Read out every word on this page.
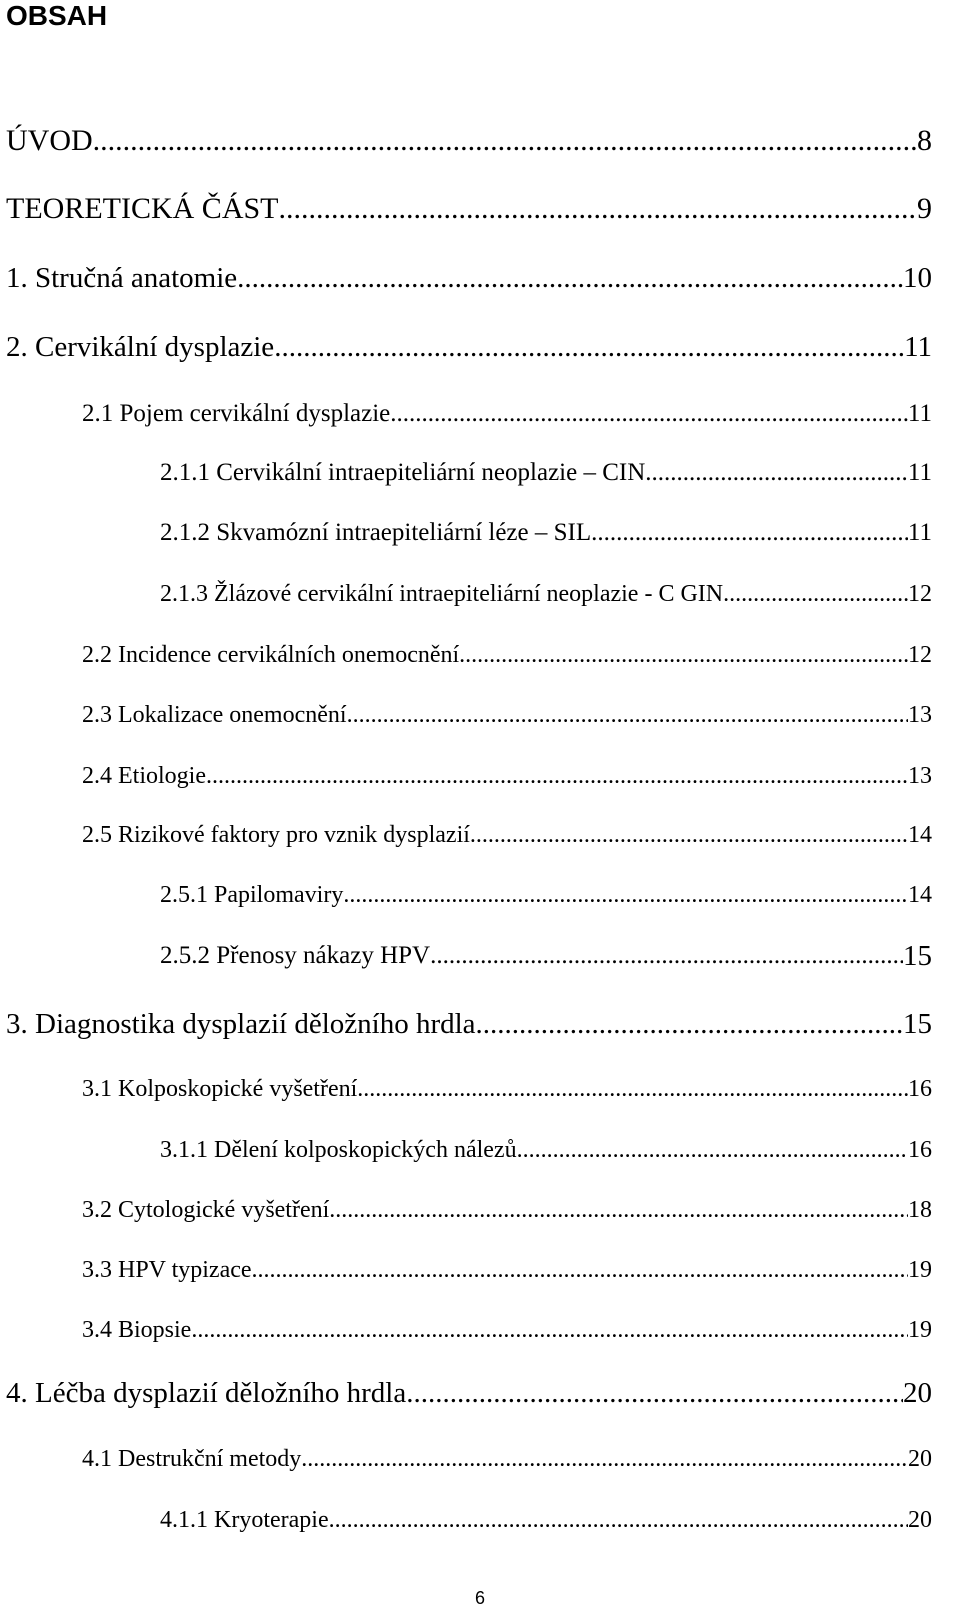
OBSAH
ÚVOD .....	8
TEORETICKÁ ČÁST .....	9
1. Stručná anatomie .....	10
2. Cervikální dysplazie .....	11
2.1 Pojem cervikální dysplazie .....	11
2.1.1 Cervikální intraepiteliární neoplazie – CIN .....	11
2.1.2 Skvamózní intraepiteliární léze – SIL .....	11
2.1.3 Žlázové cervikální intraepiteliární neoplazie - C GIN .....	12
2.2 Incidence cervikálních onemocnění .....	12
2.3 Lokalizace onemocnění .....	13
2.4 Etiologie .....	13
2.5 Rizikové faktory pro vznik dysplazií .....	14
2.5.1 Papilomaviry .....	14
2.5.2 Přenosy nákazy HPV .....	15
3. Diagnostika dysplazií děložního hrdla .....	15
3.1 Kolposkopické vyšetření .....	16
3.1.1 Dělení kolposkopických nálezů .....	16
3.2 Cytologické vyšetření .....	18
3.3 HPV typizace .....	19
3.4 Biopsie .....	19
4. Léčba dysplazií děložního hrdla .....	20
4.1 Destrukční metody .....	20
4.1.1 Kryoterapie .....	20
6
